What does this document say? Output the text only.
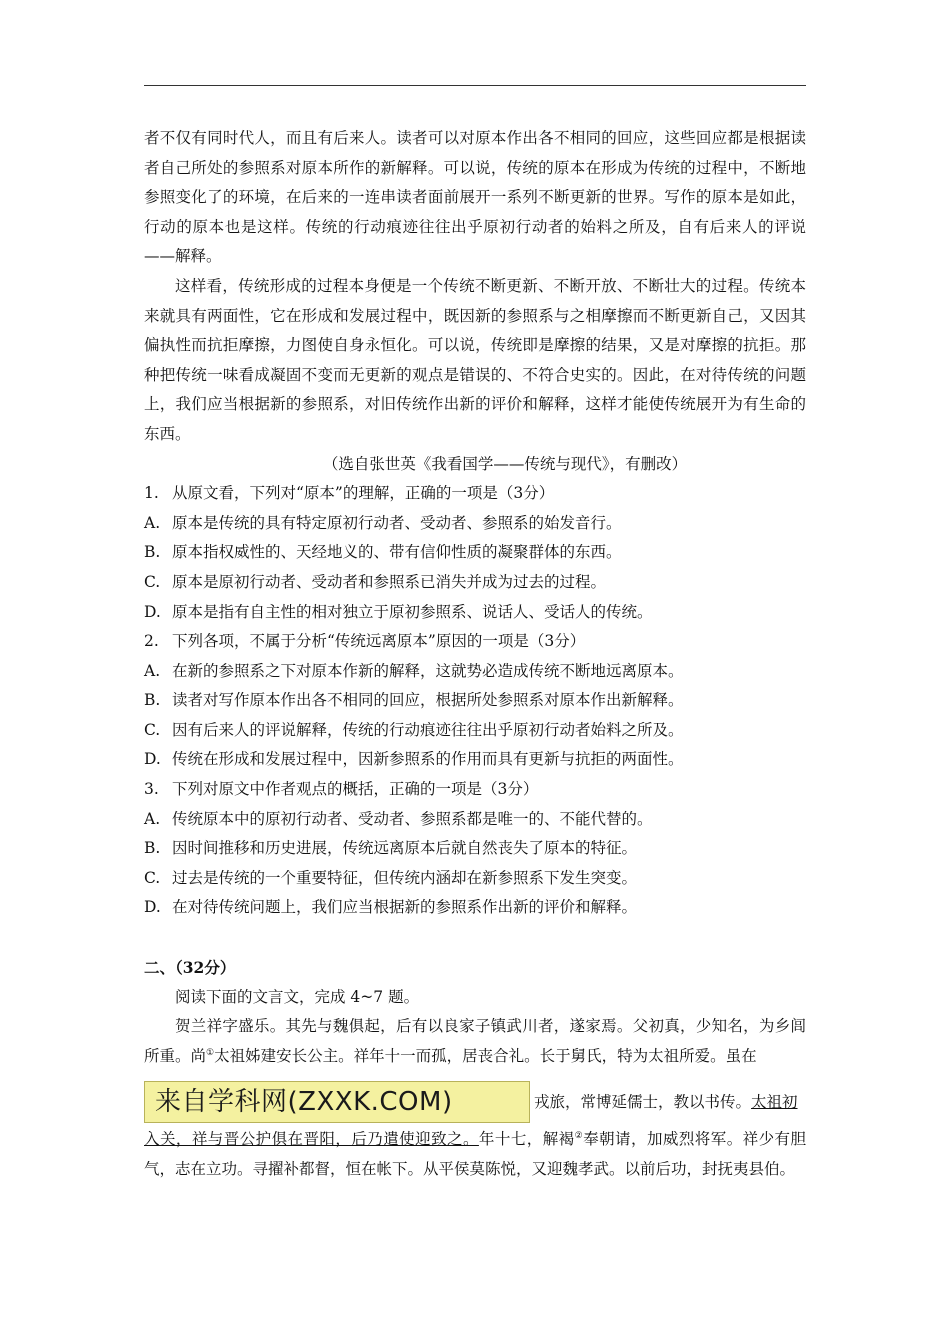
者不仅有同时代人，而且有后来人。读者可以对原本作出各不相同的回应，这些回应都是根据读者自己所处的参照系对原本所作的新解释。可以说，传统的原本在形成为传统的过程中，不断地参照变化了的环境，在后来的一连串读者面前展开一系列不断更新的世界。写作的原本是如此，行动的原本也是这样。传统的行动痕迹往往出乎原初行动者的始料之所及，自有后来人的评说——解释。

这样看，传统形成的过程本身便是一个传统不断更新、不断开放、不断壮大的过程。传统本来就具有两面性，它在形成和发展过程中，既因新的参照系与之相摩擦而不断更新自己，又因其偏执性而抗拒摩擦，力图使自身永恒化。可以说，传统即是摩擦的结果，又是对摩擦的抗拒。那种把传统一味看成凝固不变而无更新的观点是错误的、不符合史实的。因此，在对待传统的问题上，我们应当根据新的参照系，对旧传统作出新的评价和解释，这样才能使传统展开为有生命的东西。

（选自张世英《我看国学——传统与现代》，有删改）

1. 从原文看，下列对“原本”的理解，正确的一项是（3分）

A. 原本是传统的具有特定原初行动者、受动者、参照系的始发音行。

B. 原本指权威性的、天经地义的、带有信仰性质的凝聚群体的东西。

C. 原本是原初行动者、受动者和参照系已消失并成为过去的过程。

D. 原本是指有自主性的相对独立于原初参照系、说话人、受话人的传统。

2. 下列各项，不属于分析“传统远离原本”原因的一项是（3分）

A. 在新的参照系之下对原本作新的解释，这就势必造成传统不断地远离原本。

B. 读者对写作原本作出各不相同的回应，根据所处参照系对原本作出新解释。

C. 因有后来人的评说解释，传统的行动痕迹往往出乎原初行动者始料之所及。

D. 传统在形成和发展过程中，因新参照系的作用而具有更新与抗拒的两面性。

3. 下列对原文中作者观点的概括，正确的一项是（3分）

A. 传统原本中的原初行动者、受动者、参照系都是唯一的、不能代替的。

B. 因时间推移和历史进展，传统远离原本后就自然丧失了原本的特征。

C. 过去是传统的一个重要特征，但传统内涵却在新参照系下发生突变。

D. 在对待传统问题上，我们应当根据新的参照系作出新的评价和解释。

二、（32分）

阅读下面的文言文，完成 4~7 题。

贺兰祥字盛乐。其先与魏俱起，后有以良家子镇武川者，遂家焉。父初真，少知名，为乡闾所重。尚①太祖姊建安长公主。祥年十一而孤，居丧合礼。长于舅氏，特为太祖所爱。虽在

来自学科网(ZXXK.COM)	戎旅，常博延儒士，教以书传。太祖初

入关，祥与晋公护俱在晋阳，后乃遣使迎致之。年十七，解褐②奉朝请，加威烈将军。祥少有胆气，志在立功。寻擢补都督，恒在帐下。从平侯莫陈悦，又迎魏孝武。以前后功，封抚夷县伯。
